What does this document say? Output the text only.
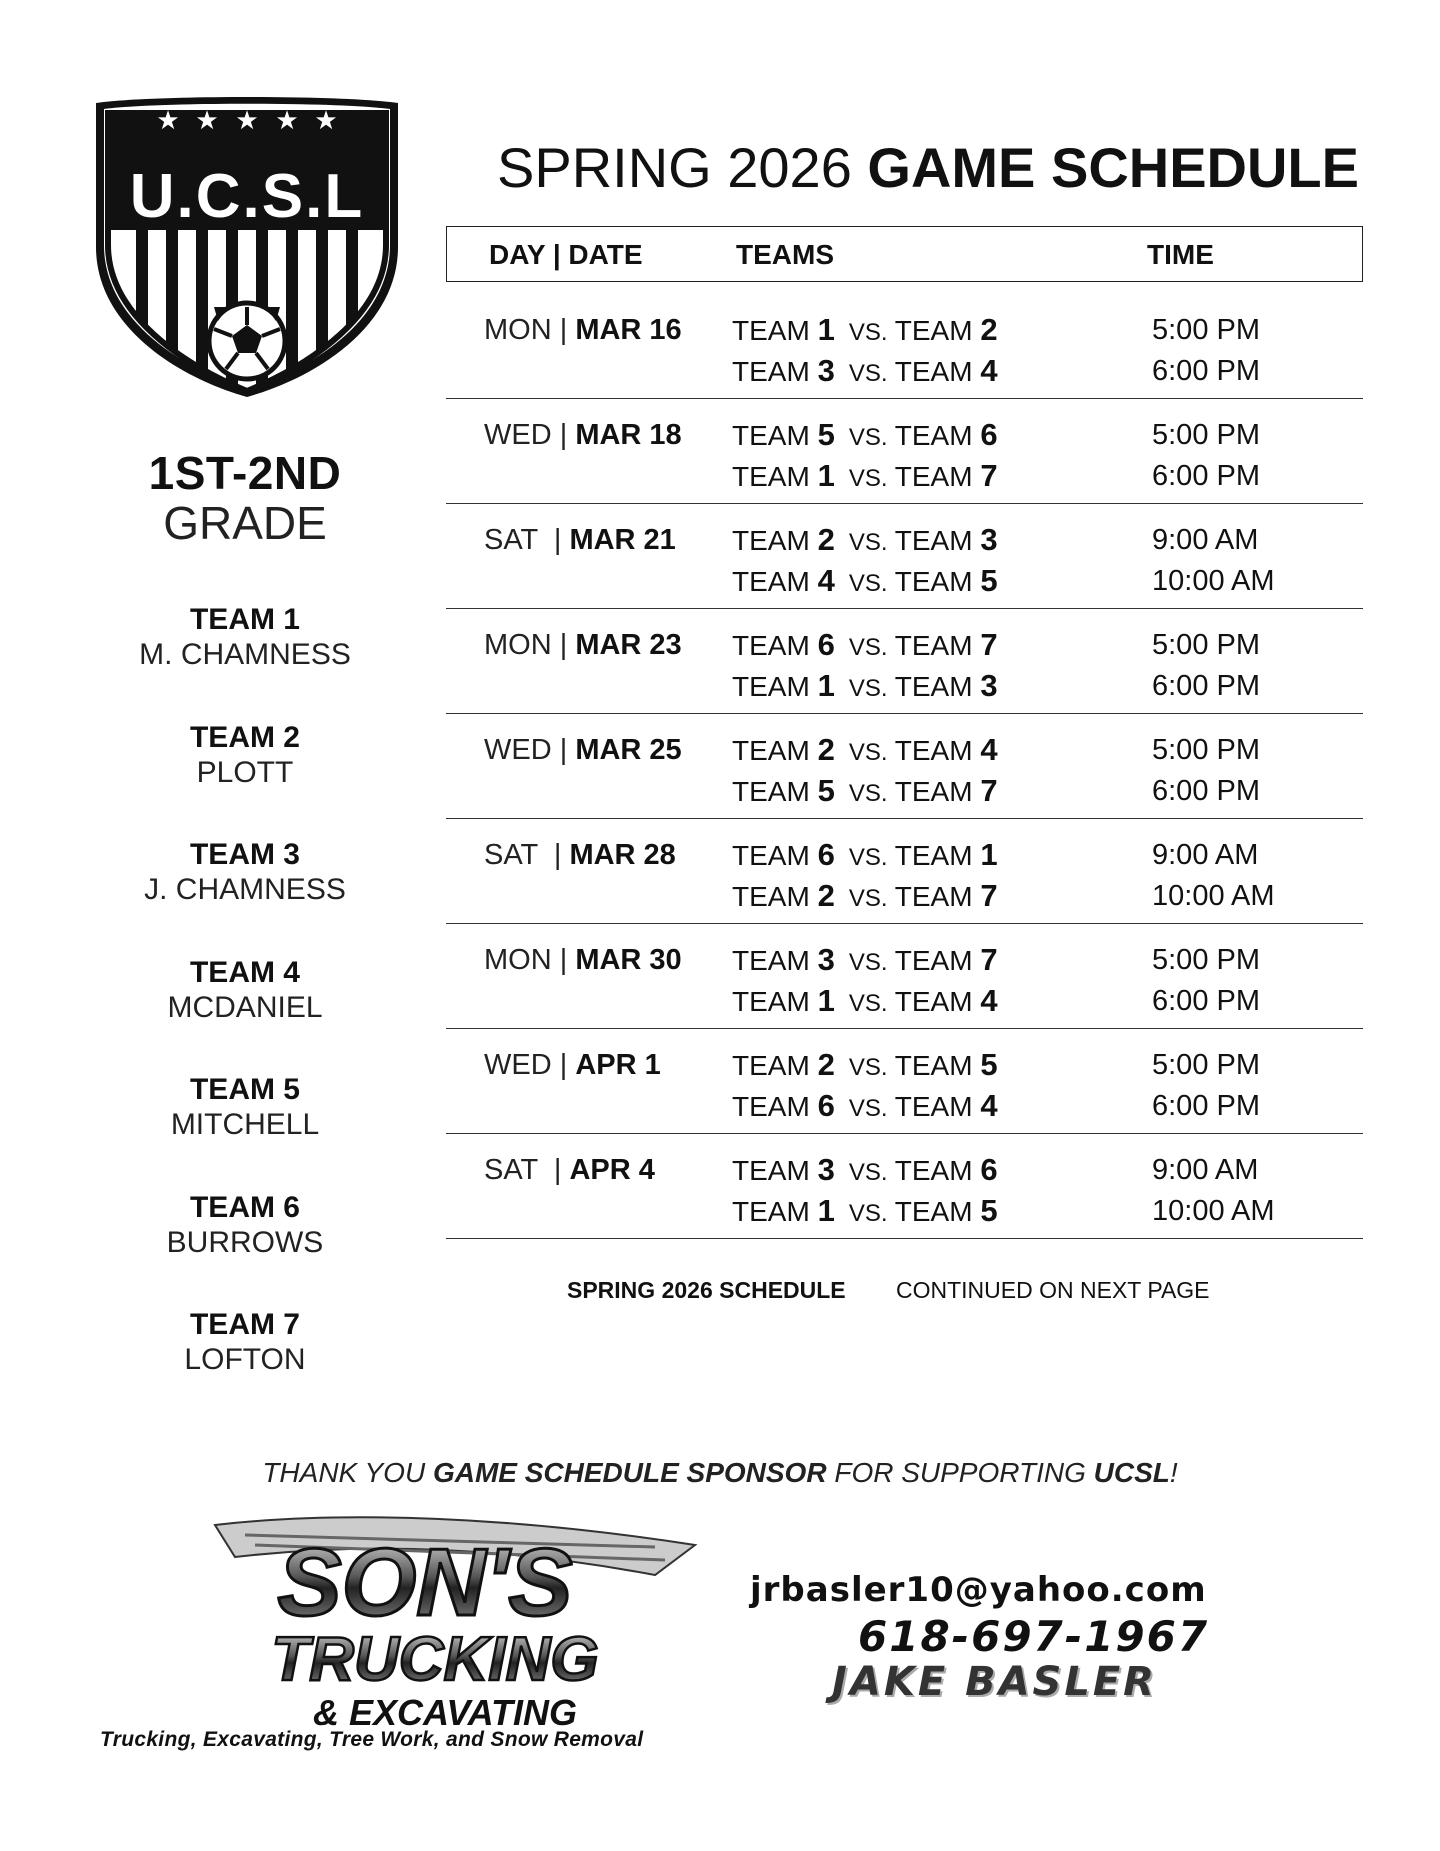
★ ★ ★ ★ ★
U.C.S.L
1ST-2ND
GRADE
TEAM 1
M. CHAMNESS
TEAM 2
PLOTT
TEAM 3
J. CHAMNESS
TEAM 4
MCDANIEL
TEAM 5
MITCHELL
TEAM 6
BURROWS
TEAM 7
LOFTON
SPRING 2026 GAME SCHEDULE
DAY | DATE	TEAMS	TIME
MON | MAR 16 TEAM 1 VS. TEAM 2	5:00 PM
TEAM 3 VS. TEAM 4	6:00 PM
WED | MAR 18 TEAM 5 VS. TEAM 6	5:00 PM
TEAM 1 VS. TEAM 7	6:00 PM
SAT  | MAR 21 TEAM 2 VS. TEAM 3	9:00 AM
TEAM 4 VS. TEAM 5	10:00 AM
MON | MAR 23 TEAM 6 VS. TEAM 7	5:00 PM
TEAM 1 VS. TEAM 3	6:00 PM
WED | MAR 25 TEAM 2 VS. TEAM 4	5:00 PM
TEAM 5 VS. TEAM 7	6:00 PM
SAT  | MAR 28 TEAM 6 VS. TEAM 1	9:00 AM
TEAM 2 VS. TEAM 7	10:00 AM
MON | MAR 30 TEAM 3 VS. TEAM 7	5:00 PM
TEAM 1 VS. TEAM 4	6:00 PM
WED | APR 1	TEAM 2 VS. TEAM 5	5:00 PM
TEAM 6 VS. TEAM 4	6:00 PM
SAT  | APR 4	TEAM 3 VS. TEAM 6	9:00 AM
TEAM 1 VS. TEAM 5	10:00 AM
SPRING 2026 SCHEDULE CONTINUED ON NEXT PAGE
THANK YOU GAME SCHEDULE SPONSOR FOR SUPPORTING UCSL!
SON'S
TRUCKING
& EXCAVATING
Trucking, Excavating, Tree Work, and Snow Removal
jrbasler10@yahoo.com
618-697-1967
JAKE BASLER
